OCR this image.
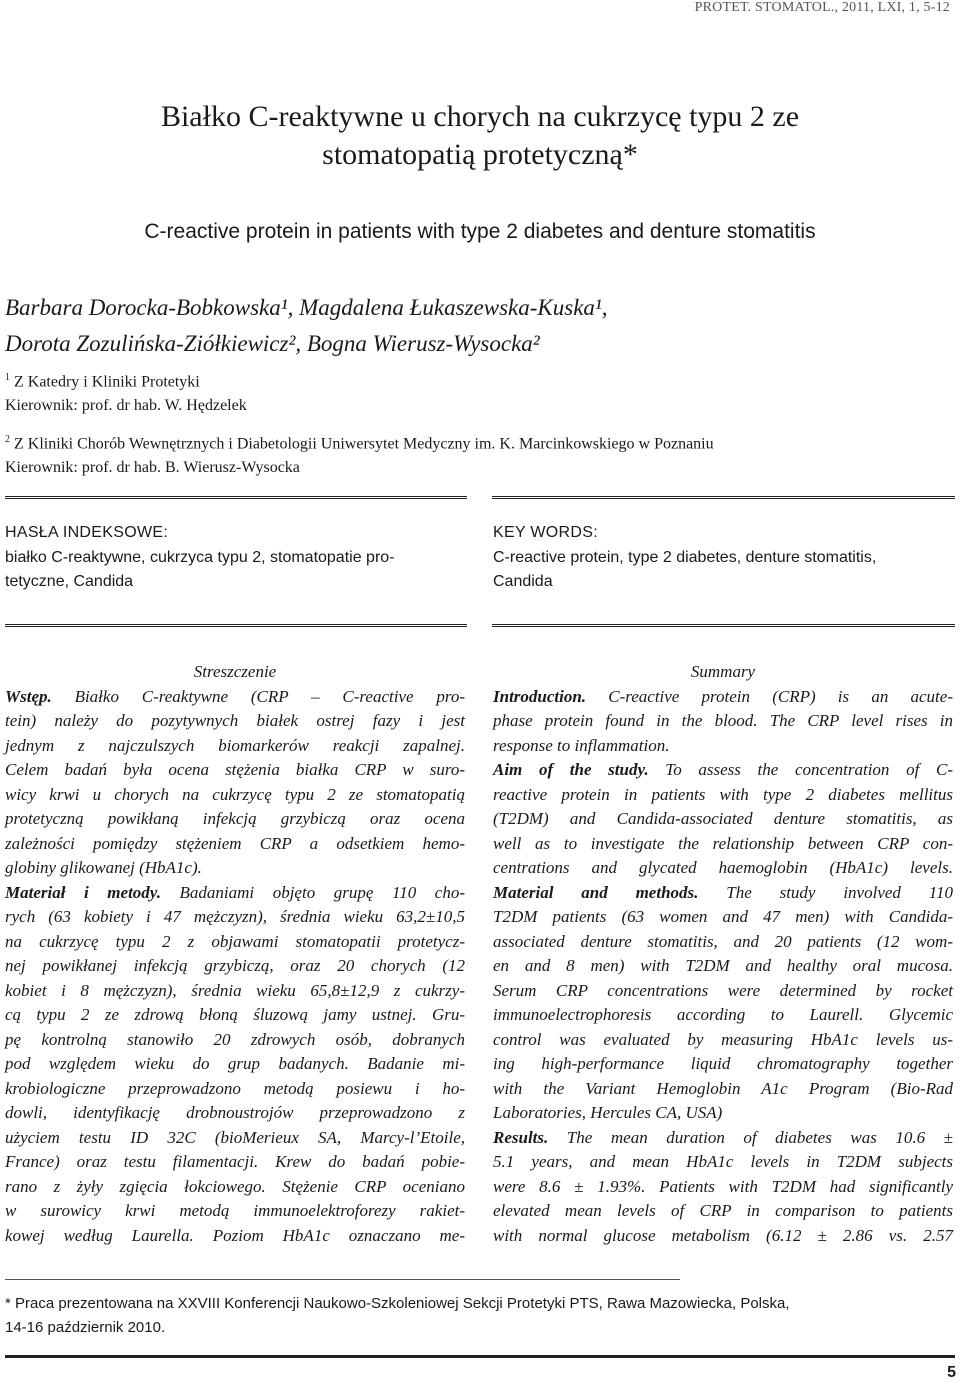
PROTET. STOMATOL., 2011, LXI, 1, 5-12
Białko C-reaktywne u chorych na cukrzycę typu 2 ze
stomatopatią protetyczną*
C-reactive protein in patients with type 2 diabetes and denture stomatitis
Barbara Dorocka-Bobkowska¹, Magdalena Łukaszewska-Kuska¹,
Dorota Zozulińska-Ziółkiewicz², Bogna Wierusz-Wysocka²
$^1$ Z Katedry i Kliniki Protetyki
Kierownik: prof. dr hab. W. Hędzelek
$^2$ Z Kliniki Chorób Wewnętrznych i Diabetologii Uniwersytet Medyczny im. K. Marcinkowskiego w Poznaniu
Kierownik: prof. dr hab. B. Wierusz-Wysocka
HASŁA INDEKSOWE:
białko C-reaktywne, cukrzyca typu 2, stomatopatie pro-
tetyczne, Candida
KEY WORDS:
C-reactive protein, type 2 diabetes, denture stomatitis,
Candida
Streszczenie
Wstęp. Białko C-reaktywne (CRP – C-reactive pro-
tein) należy do pozytywnych białek ostrej fazy i jest
jednym z najczulszych biomarkerów reakcji zapalnej.
Celem badań była ocena stężenia białka CRP w suro-
wicy krwi u chorych na cukrzycę typu 2 ze stomatopatią
protetyczną powikłaną infekcją grzybiczą oraz ocena
zależności pomiędzy stężeniem CRP a odsetkiem hemo-
globiny glikowanej (HbA1c).
Materiał i metody. Badaniami objęto grupę 110 cho-
rych (63 kobiety i 47 mężczyzn), średnia wieku 63,2±10,5
na cukrzycę typu 2 z objawami stomatopatii protetycz-
nej powikłanej infekcją grzybiczą, oraz 20 chorych (12
kobiet i 8 mężczyzn), średnia wieku 65,8±12,9 z cukrzy-
cą typu 2 ze zdrową błoną śluzową jamy ustnej. Gru-
pę kontrolną stanowiło 20 zdrowych osób, dobranych
pod względem wieku do grup badanych. Badanie mi-
krobiologiczne przeprowadzono metodą posiewu i ho-
dowli, identyfikację drobnoustrojów przeprowadzono z
użyciem testu ID 32C (bioMerieux SA, Marcy-l’Etoile,
France) oraz testu filamentacji. Krew do badań pobie-
rano z żyły zgięcia łokciowego. Stężenie CRP oceniano
w surowicy krwi metodą immunoelektroforezy rakiet-
kowej według Laurella. Poziom HbA1c oznaczano me-
Summary
Introduction. C-reactive protein (CRP) is an acute-
phase protein found in the blood. The CRP level rises in
response to inflammation.
Aim of the study. To assess the concentration of C-
reactive protein in patients with type 2 diabetes mellitus
(T2DM) and Candida-associated denture stomatitis, as
well as to investigate the relationship between CRP con-
centrations and glycated haemoglobin (HbA1c) levels.
Material and methods. The study involved 110
T2DM patients (63 women and 47 men) with Candida-
associated denture stomatitis, and 20 patients (12 wom-
en and 8 men) with T2DM and healthy oral mucosa.
Serum CRP concentrations were determined by rocket
immunoelectrophoresis according to Laurell. Glycemic
control was evaluated by measuring HbA1c levels us-
ing high-performance liquid chromatography together
with the Variant Hemoglobin A1c Program (Bio-Rad
Laboratories, Hercules CA, USA)
Results. The mean duration of diabetes was 10.6 ±
5.1 years, and mean HbA1c levels in T2DM subjects
were 8.6 ± 1.93%. Patients with T2DM had significantly
elevated mean levels of CRP in comparison to patients
with normal glucose metabolism (6.12 ± 2.86 vs. 2.57
* Praca prezentowana na XXVIII Konferencji Naukowo-Szkoleniowej Sekcji Protetyki PTS, Rawa Mazowiecka, Polska,
14-16 październik 2010.
5
